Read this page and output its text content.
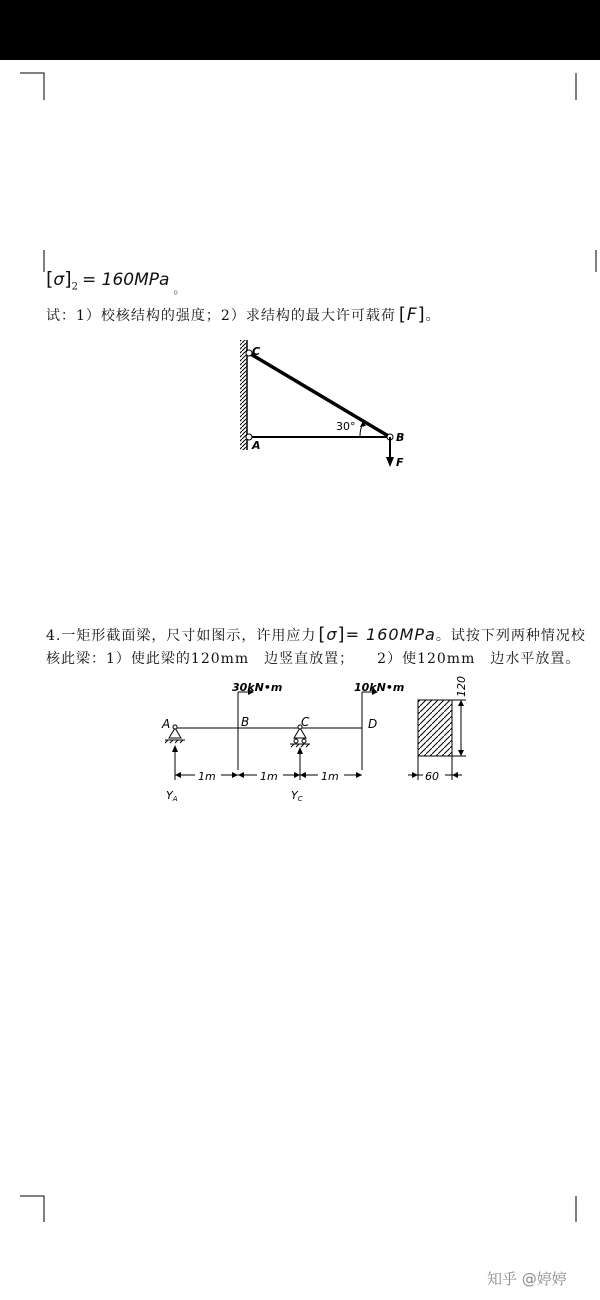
$[\sigma]_2 = 160MPa$ $_。$
试：1）校核结构的强度；2）求结构的最大许可载荷 [F]。
C
A
B
F
30°
4.一矩形截面梁，尺寸如图示，许用应力 [σ]= 160MPa。试按下列两种情况校
核此梁：1）使此梁的120mm　边竖直放置；　　2）使120mm　边水平放置。
1m	1m	1m
30kN•m	10kN•m
A	B	C	D
YA	YC
120
60
知乎 @婷婷
